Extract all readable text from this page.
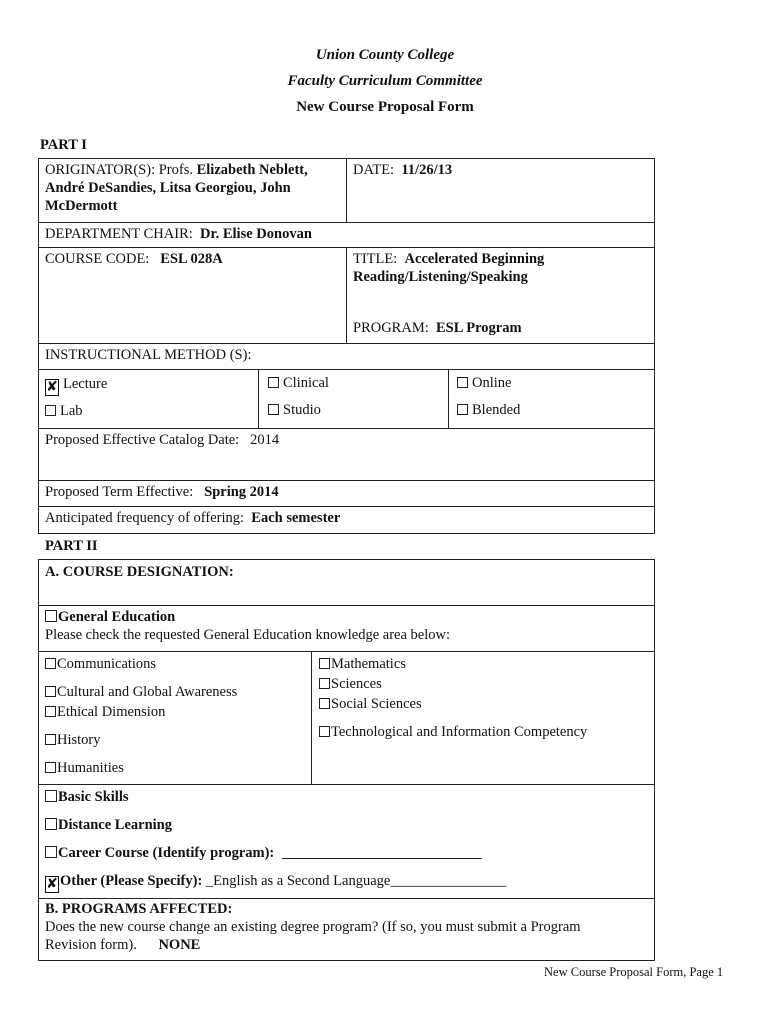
Union County College
Faculty Curriculum Committee
New Course Proposal Form
PART I
ORIGINATOR(S): Profs. Elizabeth Neblett,
André DeSandies, Litsa Georgiou, John
McDermott
DATE: 11/26/13
DEPARTMENT CHAIR: Dr. Elise Donovan
COURSE CODE: ESL 028A	TITLE: Accelerated Beginning
Reading/Listening/Speaking
PROGRAM: ESL Program
INSTRUCTIONAL METHOD (S):
✘ Lecture	Clinical	Online
Lab	Studio	Blended
Proposed Effective Catalog Date: 2014
Proposed Term Effective: Spring 2014
Anticipated frequency of offering: Each semester
PART II
A. COURSE DESIGNATION:
General Education
Please check the requested General Education knowledge area below:
Communications
Cultural and Global Awareness
Ethical Dimension
History
Humanities
Mathematics
Sciences
Social Sciences
Technological and Information Competency
Basic Skills
Distance Learning
Career Course (Identify program):
✘ Other (Please Specify): _English as a Second Language________________
B. PROGRAMS AFFECTED:
Does the new course change an existing degree program? (If so, you must submit a Program
Revision form). NONE
New Course Proposal Form, Page 1
